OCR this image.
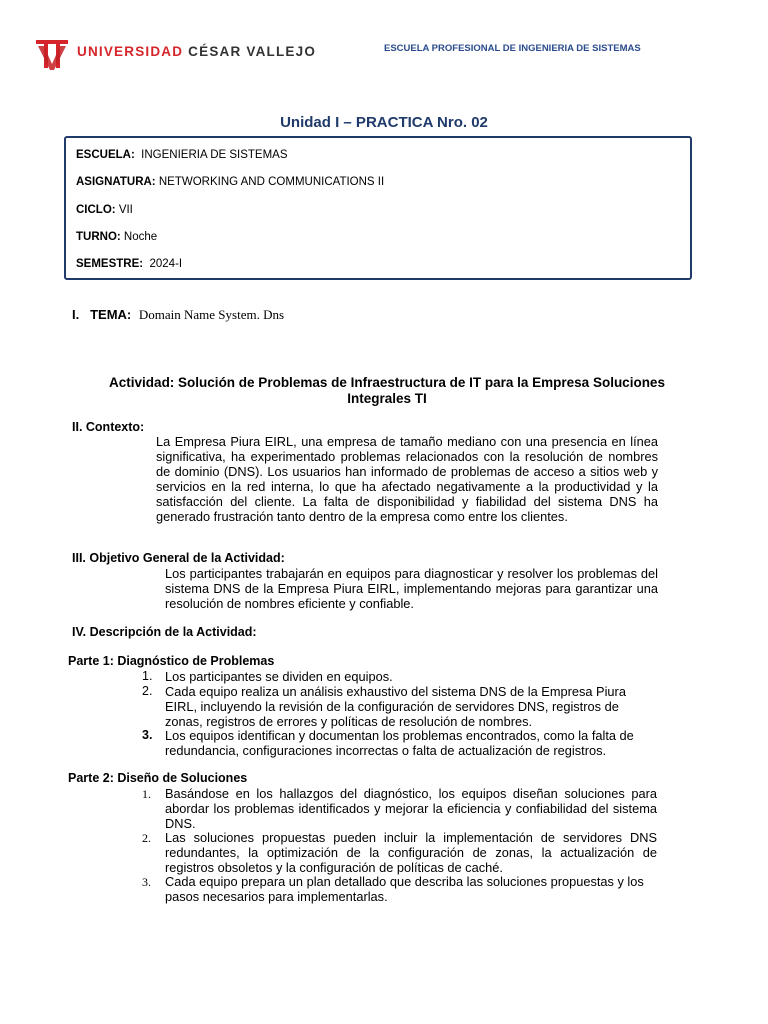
UNIVERSIDAD CÉSAR VALLEJO	ESCUELA PROFESIONAL DE INGENIERIA DE SISTEMAS
Unidad I – PRACTICA Nro. 02
ESCUELA: INGENIERIA DE SISTEMAS
ASIGNATURA: NETWORKING AND COMMUNICATIONS II
CICLO: VII
TURNO: Noche
SEMESTRE: 2024-I
I. TEMA: Domain Name System. Dns
Actividad: Solución de Problemas de Infraestructura de IT para la Empresa Soluciones Integrales TI
II. Contexto:
La Empresa Piura EIRL, una empresa de tamaño mediano con una presencia en línea significativa, ha experimentado problemas relacionados con la resolución de nombres de dominio (DNS). Los usuarios han informado de problemas de acceso a sitios web y servicios en la red interna, lo que ha afectado negativamente a la productividad y la satisfacción del cliente. La falta de disponibilidad y fiabilidad del sistema DNS ha generado frustración tanto dentro de la empresa como entre los clientes.
III. Objetivo General de la Actividad:
Los participantes trabajarán en equipos para diagnosticar y resolver los problemas del sistema DNS de la Empresa Piura EIRL, implementando mejoras para garantizar una resolución de nombres eficiente y confiable.
IV. Descripción de la Actividad:
Parte 1: Diagnóstico de Problemas
1. Los participantes se dividen en equipos.
2. Cada equipo realiza un análisis exhaustivo del sistema DNS de la Empresa Piura EIRL, incluyendo la revisión de la configuración de servidores DNS, registros de zonas, registros de errores y políticas de resolución de nombres.
3. Los equipos identifican y documentan los problemas encontrados, como la falta de redundancia, configuraciones incorrectas o falta de actualización de registros.
Parte 2: Diseño de Soluciones
1. Basándose en los hallazgos del diagnóstico, los equipos diseñan soluciones para abordar los problemas identificados y mejorar la eficiencia y confiabilidad del sistema DNS.
2. Las soluciones propuestas pueden incluir la implementación de servidores DNS redundantes, la optimización de la configuración de zonas, la actualización de registros obsoletos y la configuración de políticas de caché.
3. Cada equipo prepara un plan detallado que describa las soluciones propuestas y los pasos necesarios para implementarlas.
